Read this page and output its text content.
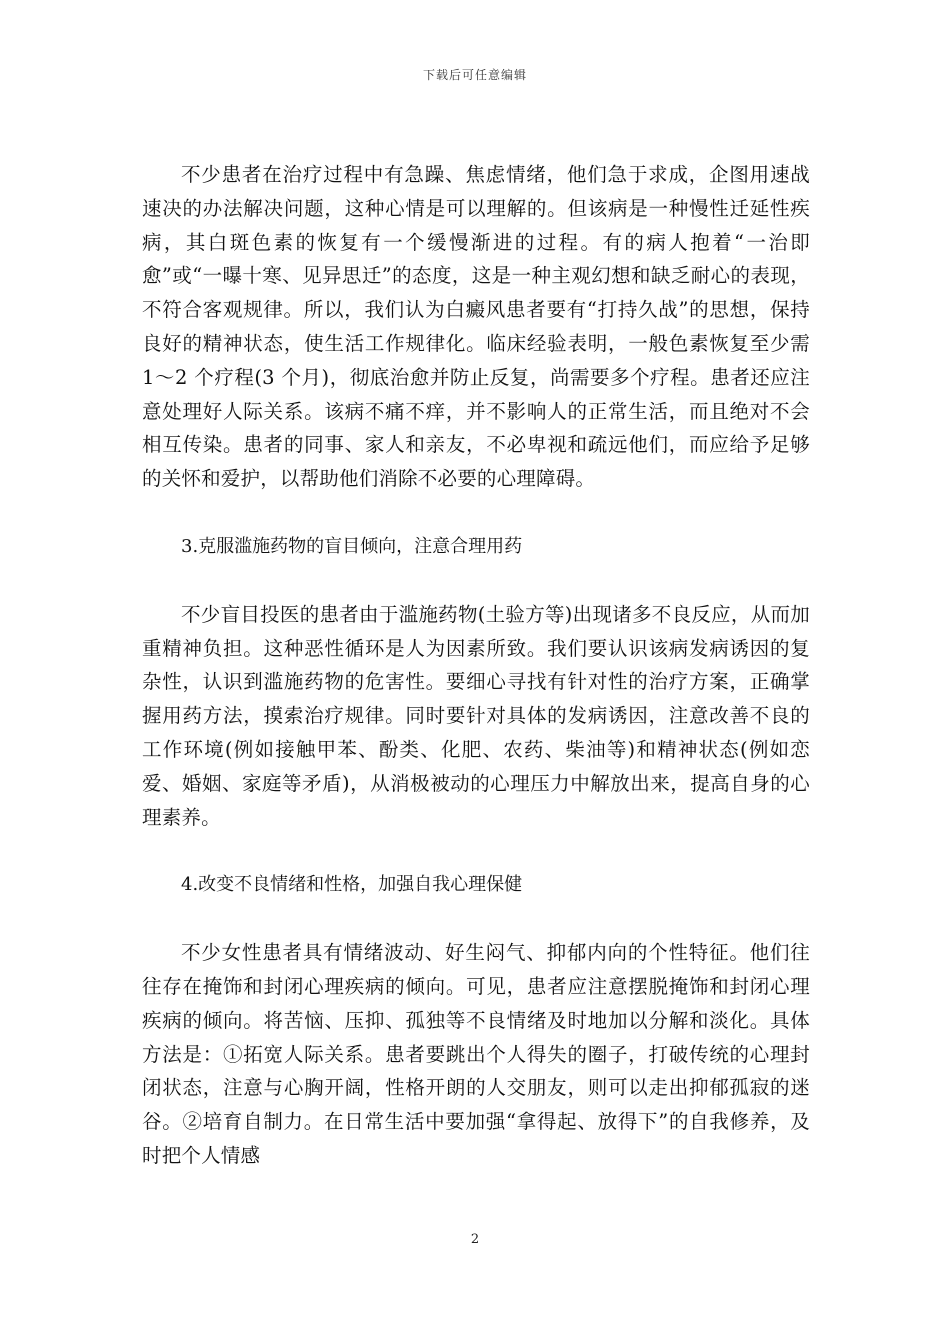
下载后可任意编辑

不少患者在治疗过程中有急躁、焦虑情绪，他们急于求成，企图用速战速决的办法解决问题，这种心情是可以理解的。但该病是一种慢性迁延性疾病，其白斑色素的恢复有一个缓慢渐进的过程。有的病人抱着“一治即愈”或“一曝十寒、见异思迁”的态度，这是一种主观幻想和缺乏耐心的表现，不符合客观规律。所以，我们认为白癜风患者要有“打持久战”的思想，保持良好的精神状态，使生活工作规律化。临床经验表明，一般色素恢复至少需 1～2 个疗程(3 个月)，彻底治愈并防止反复，尚需要多个疗程。患者还应注意处理好人际关系。该病不痛不痒，并不影响人的正常生活，而且绝对不会相互传染。患者的同事、家人和亲友，不必卑视和疏远他们，而应给予足够的关怀和爱护，以帮助他们消除不必要的心理障碍。

3.克服滥施药物的盲目倾向，注意合理用药

不少盲目投医的患者由于滥施药物(土验方等)出现诸多不良反应，从而加重精神负担。这种恶性循环是人为因素所致。我们要认识该病发病诱因的复杂性，认识到滥施药物的危害性。要细心寻找有针对性的治疗方案，正确掌握用药方法，摸索治疗规律。同时要针对具体的发病诱因，注意改善不良的工作环境(例如接触甲苯、酚类、化肥、农药、柴油等)和精神状态(例如恋爱、婚姻、家庭等矛盾)，从消极被动的心理压力中解放出来，提高自身的心理素养。

4.改变不良情绪和性格，加强自我心理保健

不少女性患者具有情绪波动、好生闷气、抑郁内向的个性特征。他们往往存在掩饰和封闭心理疾病的倾向。可见，患者应注意摆脱掩饰和封闭心理疾病的倾向。将苦恼、压抑、孤独等不良情绪及时地加以分解和淡化。具体方法是：①拓宽人际关系。患者要跳出个人得失的圈子，打破传统的心理封闭状态，注意与心胸开阔，性格开朗的人交朋友，则可以走出抑郁孤寂的迷谷。②培育自制力。在日常生活中要加强“拿得起、放得下”的自我修养，及时把个人情感

2
